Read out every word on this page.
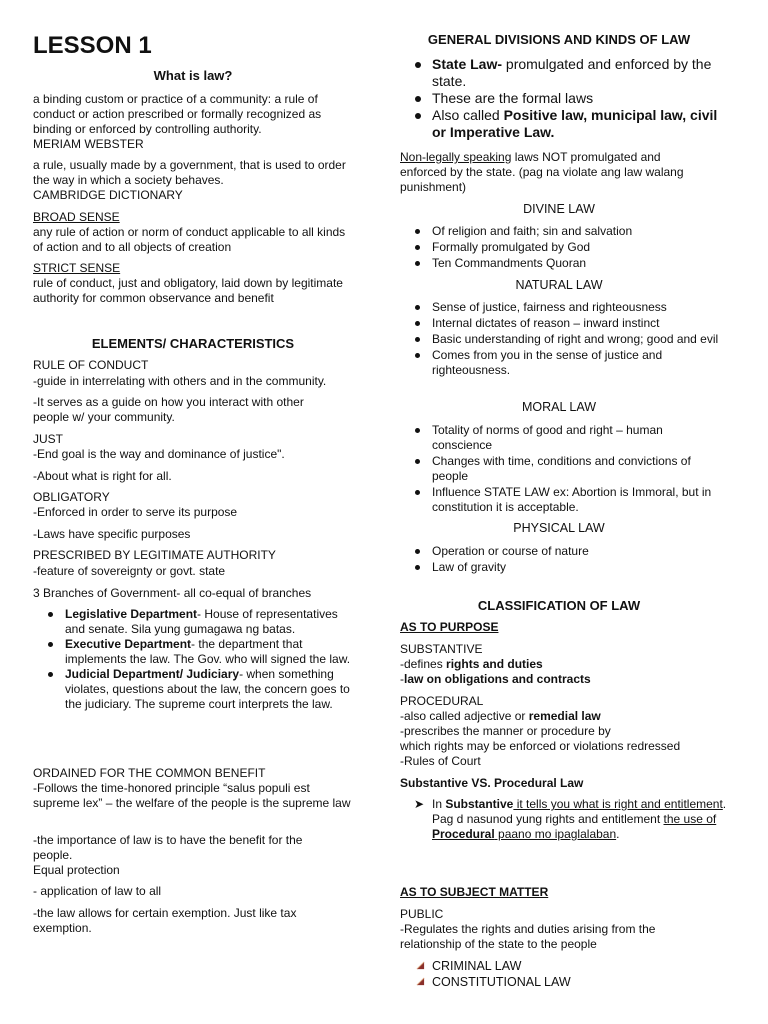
LESSON 1
What is law?
a binding custom or practice of a community: a rule of conduct or action prescribed or formally recognized as binding or enforced by controlling authority.
MERIAM WEBSTER
a rule, usually made by a government, that is used to order the way in which a society behaves.
CAMBRIDGE DICTIONARY
BROAD SENSE
any rule of action or norm of conduct applicable to all kinds of action and to all objects of creation
STRICT SENSE
rule of conduct, just and obligatory, laid down by legitimate authority for common observance and benefit
ELEMENTS/ CHARACTERISTICS
RULE OF CONDUCT
-guide in interrelating with others and in the community.
-It serves as a guide on how you interact with other people w/ your community.
JUST
-End goal is the way and dominance of justice".
-About what is right for all.
OBLIGATORY
-Enforced in order to serve its purpose
-Laws have specific purposes
PRESCRIBED BY LEGITIMATE AUTHORITY
-feature of sovereignty or govt. state
3 Branches of Government- all co-equal of branches
Legislative Department- House of representatives and senate. Sila yung gumagawa ng batas.
Executive Department- the department that implements the law. The Gov. who will signed the law.
Judicial Department/ Judiciary- when something violates, questions about the law, the concern goes to the judiciary. The supreme court interprets the law.
ORDAINED FOR THE COMMON BENEFIT
-Follows the time-honored principle “salus populi est supreme lex” – the welfare of the people is the supreme law
-the importance of law is to have the benefit for the people.
Equal protection
- application of law to all
-the law allows for certain exemption. Just like tax exemption.
GENERAL DIVISIONS AND KINDS OF LAW
State Law- promulgated and enforced by the state.
These are the formal laws
Also called Positive law, municipal law, civil or Imperative Law.
Non-legally speaking laws NOT promulgated and enforced by the state. (pag na violate ang law walang punishment)
DIVINE LAW
Of religion and faith; sin and salvation
Formally promulgated by God
Ten Commandments Quoran
NATURAL LAW
Sense of justice, fairness and righteousness
Internal dictates of reason – inward instinct
Basic understanding of right and wrong; good and evil
Comes from you in the sense of justice and righteousness.
MORAL LAW
Totality of norms of good and right – human conscience
Changes with time, conditions and convictions of people
Influence STATE LAW ex: Abortion is Immoral, but in constitution it is acceptable.
PHYSICAL LAW
Operation or course of nature
Law of gravity
CLASSIFICATION OF LAW
AS TO PURPOSE
SUBSTANTIVE
-defines rights and duties
-law on obligations and contracts
PROCEDURAL
-also called adjective or remedial law
-prescribes the manner or procedure by
which rights may be enforced or violations redressed
-Rules of Court
Substantive VS. Procedural Law
➤ In Substantive it tells you what is right and entitlement. Pag d nasunod yung rights and entitlement the use of Procedural paano mo ipaglalaban.
AS TO SUBJECT MATTER
PUBLIC
-Regulates the rights and duties arising from the relationship of the state to the people
CRIMINAL LAW
CONSTITUTIONAL LAW
